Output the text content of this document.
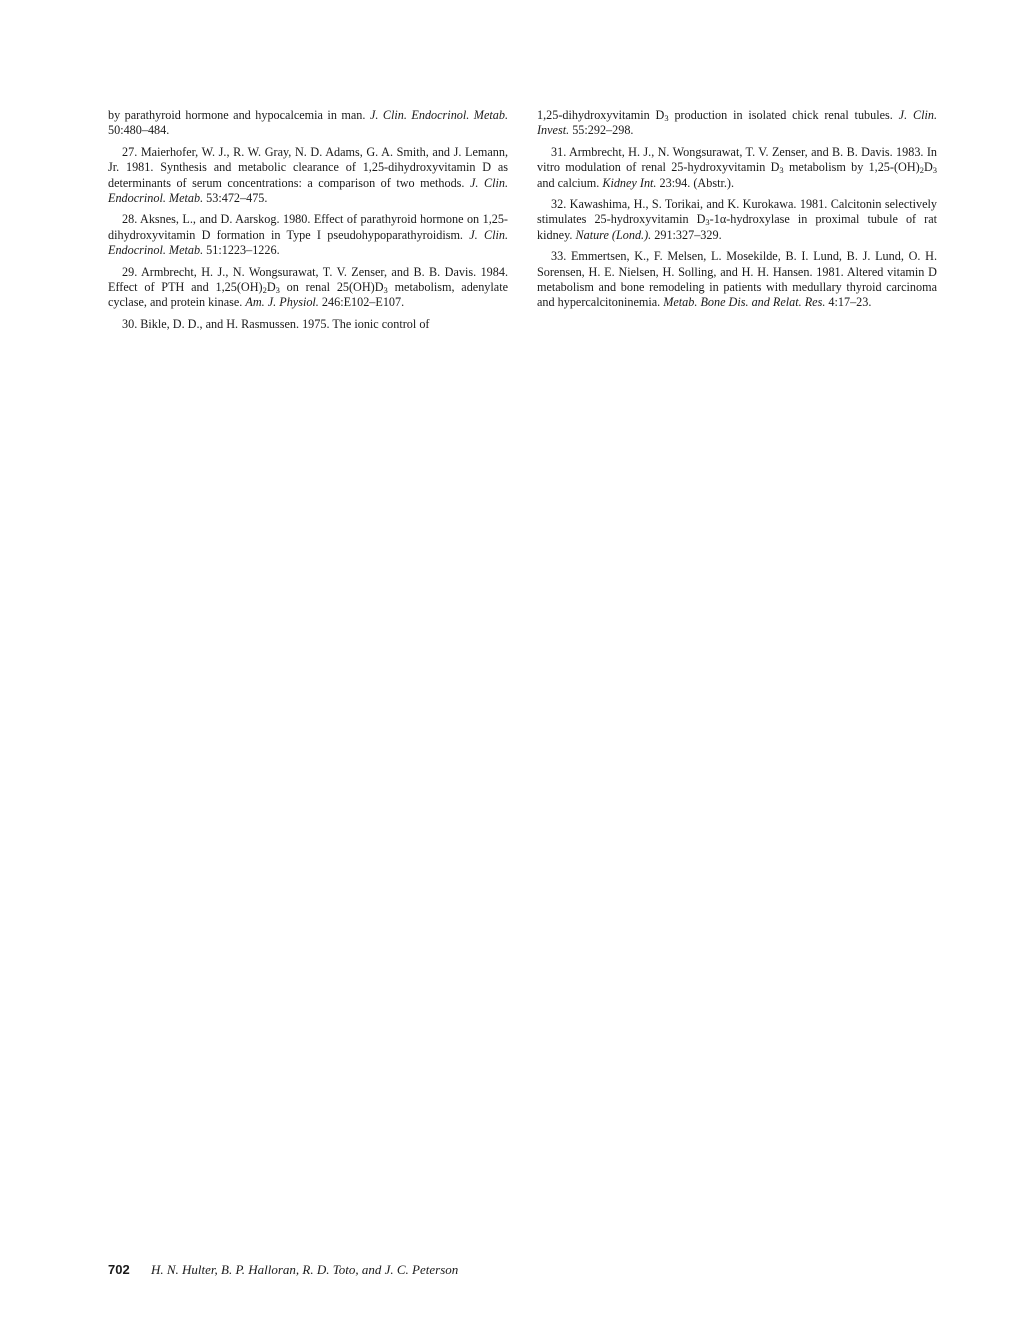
by parathyroid hormone and hypocalcemia in man. J. Clin. Endocrinol. Metab. 50:480–484.

27. Maierhofer, W. J., R. W. Gray, N. D. Adams, G. A. Smith, and J. Lemann, Jr. 1981. Synthesis and metabolic clearance of 1,25-dihydroxyvitamin D as determinants of serum concentrations: a comparison of two methods. J. Clin. Endocrinol. Metab. 53:472–475.

28. Aksnes, L., and D. Aarskog. 1980. Effect of parathyroid hormone on 1,25-dihydroxyvitamin D formation in Type I pseudohypoparathyroidism. J. Clin. Endocrinol. Metab. 51:1223–1226.

29. Armbrecht, H. J., N. Wongsurawat, T. V. Zenser, and B. B. Davis. 1984. Effect of PTH and $1,25(OH)_2D_3$ on renal $25(OH)D_3$ metabolism, adenylate cyclase, and protein kinase. Am. J. Physiol. 246:E102–E107.

30. Bikle, D. D., and H. Rasmussen. 1975. The ionic control of

1,25-dihydroxyvitamin $D_3$ production in isolated chick renal tubules. J. Clin. Invest. 55:292–298.

31. Armbrecht, H. J., N. Wongsurawat, T. V. Zenser, and B. B. Davis. 1983. In vitro modulation of renal 25-hydroxyvitamin $D_3$ metabolism by $1,25-(OH)_2D_3$ and calcium. Kidney Int. 23:94. (Abstr.).

32. Kawashima, H., S. Torikai, and K. Kurokawa. 1981. Calcitonin selectively stimulates 25-hydroxyvitamin $D_3-1\alpha$-hydroxylase in proximal tubule of rat kidney. Nature (Lond.). 291:327–329.

33. Emmertsen, K., F. Melsen, L. Mosekilde, B. I. Lund, B. J. Lund, O. H. Sorensen, H. E. Nielsen, H. Solling, and H. H. Hansen. 1981. Altered vitamin D metabolism and bone remodeling in patients with medullary thyroid carcinoma and hypercalcitoninemia. Metab. Bone Dis. and Relat. Res. 4:17–23.

702 H. N. Hulter, B. P. Halloran, R. D. Toto, and J. C. Peterson
